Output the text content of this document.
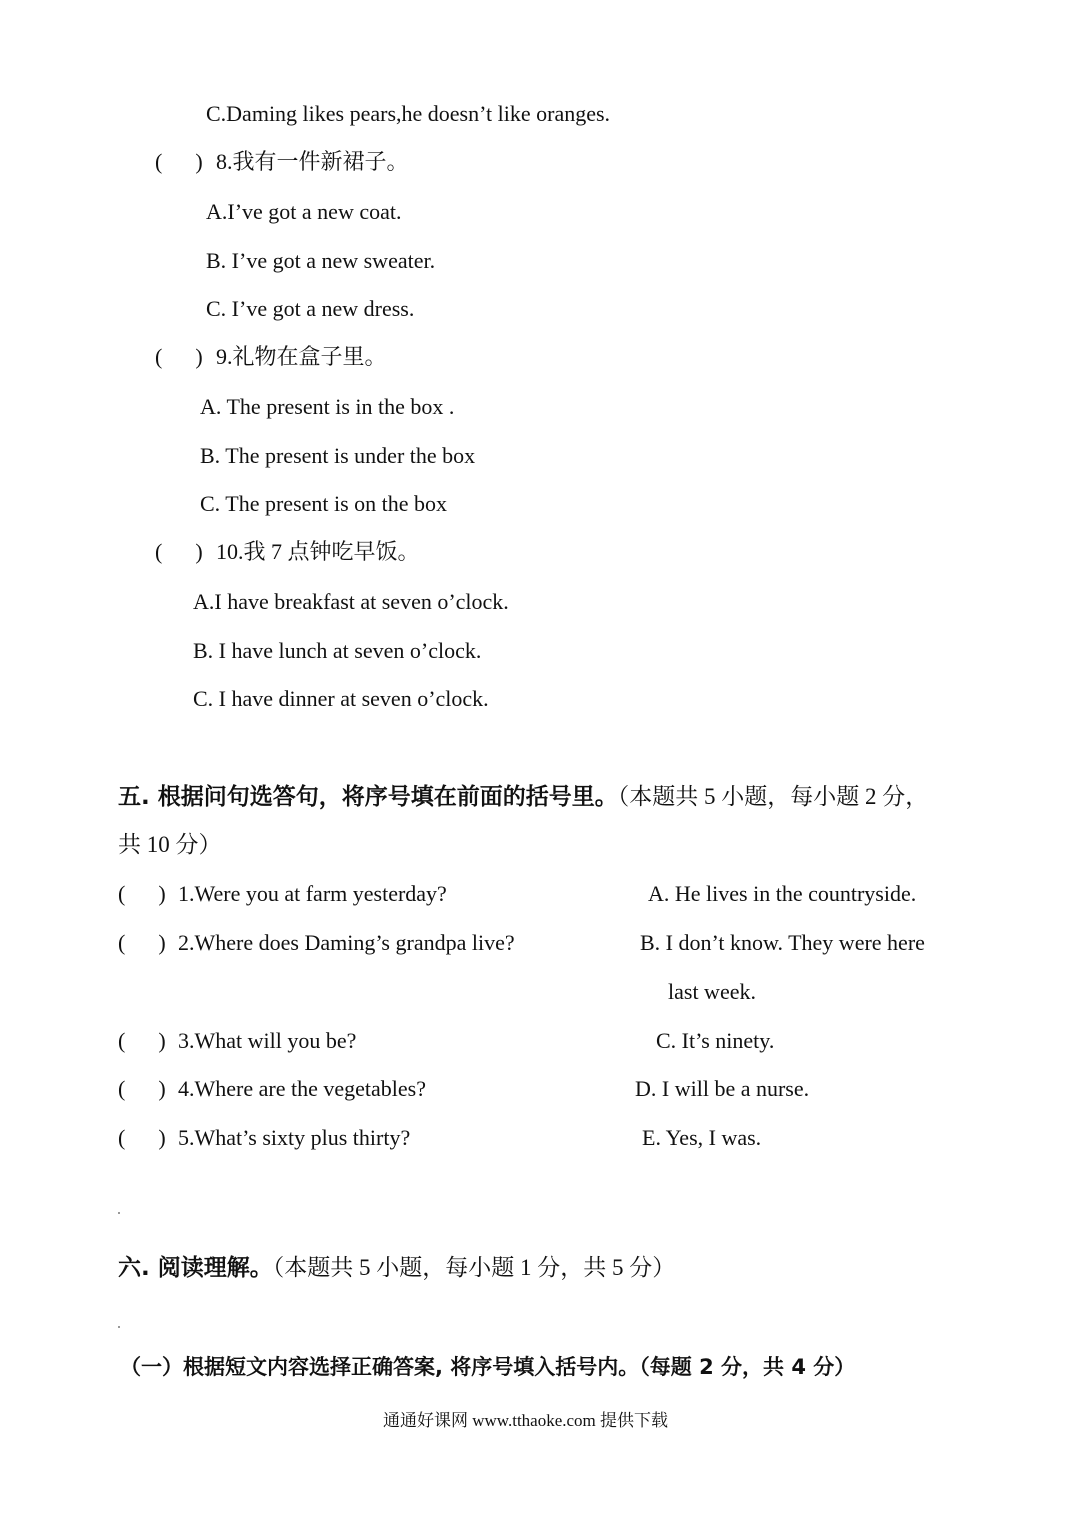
C.Daming likes pears,he doesn’t like oranges.
(      ) 8.我有一件新裙子。
A.I’ve got a new coat.
B. I’ve got a new sweater.
C. I’ve got a new dress.
(      ) 9.礼物在盒子里。
A. The present is in the box .
B. The present is under the box
C. The present is on the box
(      ) 10.我 7 点钟吃早饭。
A.I have breakfast at seven o’clock.
B. I have lunch at seven o’clock.
C. I have dinner at seven o’clock.
五. 根据问句选答句，将序号填在前面的括号里。（本题共 5 小题，每小题 2 分，
共 10 分）
(      ) 1.Were you at farm yesterday?	A. He lives in the countryside.
(      ) 2.Where does Daming’s grandpa live?	B. I don’t know. They were here
last week.
(      ) 3.What will you be?	C. It’s ninety.
(      ) 4.Where are the vegetables?	D. I will be a nurse.
(      ) 5.What’s sixty plus thirty?	E. Yes, I was.
六. 阅读理解。（本题共 5 小题，每小题 1 分，共 5 分）
（一）根据短文内容选择正确答案, 将序号填入括号内。（每题 2 分，共 4 分）
通通好课网 www.tthaoke.com 提供下载
